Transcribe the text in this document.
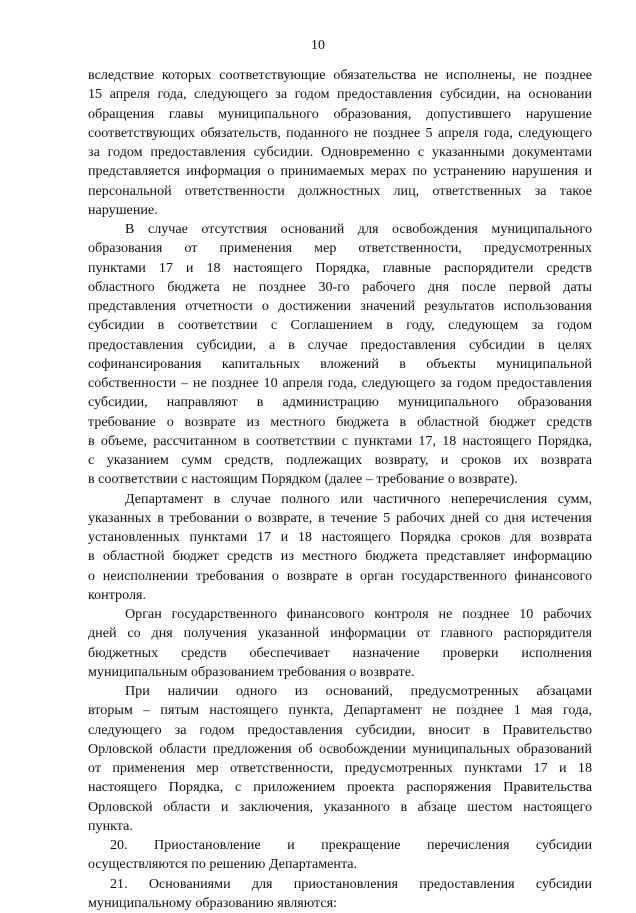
10
вследствие которых соответствующие обязательства не исполнены, не позднее
15 апреля года, следующего за годом предоставления субсидии, на основании
обращения главы муниципального образования, допустившего нарушение
соответствующих обязательств, поданного не позднее 5 апреля года, следующего
за годом предоставления субсидии. Одновременно с указанными документами
представляется информация о принимаемых мерах по устранению нарушения и
персональной ответственности должностных лиц, ответственных за такое
нарушение.
В случае отсутствия оснований для освобождения муниципального
образования от применения мер ответственности, предусмотренных
пунктами 17 и 18 настоящего Порядка, главные распорядители средств
областного бюджета не позднее 30-го рабочего дня после первой даты
представления отчетности о достижении значений результатов использования
субсидии в соответствии с Соглашением в году, следующем за годом
предоставления субсидии, а в случае предоставления субсидии в целях
софинансирования капитальных вложений в объекты муниципальной
собственности – не позднее 10 апреля года, следующего за годом предоставления
субсидии, направляют в администрацию муниципального образования
требование о возврате из местного бюджета в областной бюджет средств
в объеме, рассчитанном в соответствии с пунктами 17, 18 настоящего Порядка,
с указанием сумм средств, подлежащих возврату, и сроков их возврата
в соответствии с настоящим Порядком (далее – требование о возврате).
Департамент в случае полного или частичного неперечисления сумм,
указанных в требовании о возврате, в течение 5 рабочих дней со дня истечения
установленных пунктами 17 и 18 настоящего Порядка сроков для возврата
в областной бюджет средств из местного бюджета представляет информацию
о неисполнении требования о возврате в орган государственного финансового
контроля.
Орган государственного финансового контроля не позднее 10 рабочих
дней со дня получения указанной информации от главного распорядителя
бюджетных средств обеспечивает назначение проверки исполнения
муниципальным образованием требования о возврате.
При наличии одного из оснований, предусмотренных абзацами
вторым – пятым настоящего пункта, Департамент не позднее 1 мая года,
следующего за годом предоставления субсидии, вносит в Правительство
Орловской области предложения об освобождении муниципальных образований
от применения мер ответственности, предусмотренных пунктами 17 и 18
настоящего Порядка, с приложением проекта распоряжения Правительства
Орловской области и заключения, указанного в абзаце шестом настоящего
пункта.
20. Приостановление и прекращение перечисления субсидии
осуществляются по решению Департамента.
21. Основаниями для приостановления предоставления субсидии
муниципальному образованию являются:
